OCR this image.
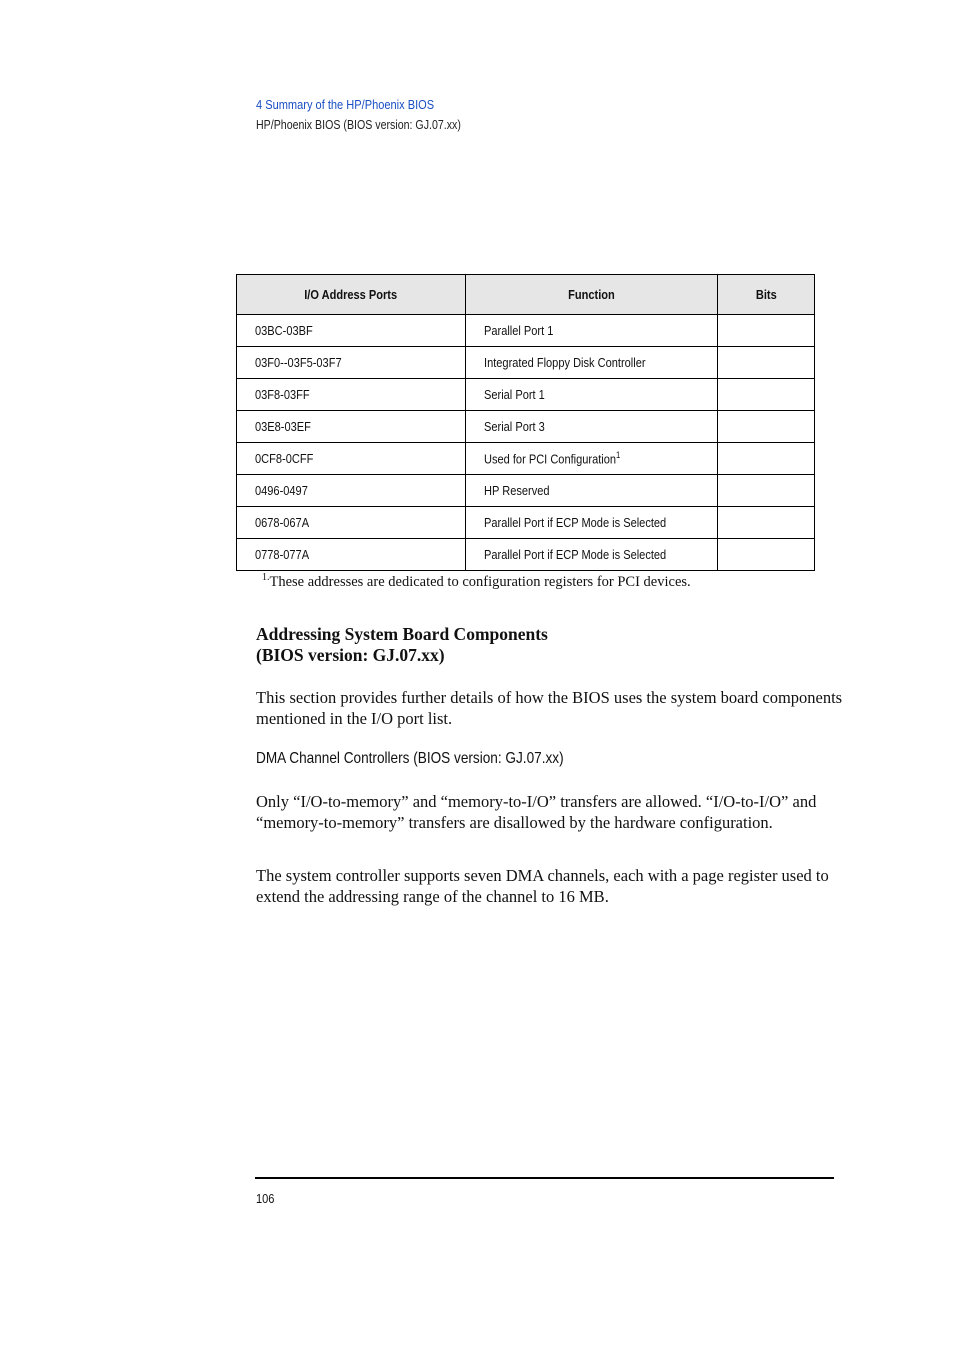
4 Summary of the HP/Phoenix BIOS
HP/Phoenix BIOS (BIOS version: GJ.07.xx)
I/O Address Ports	Function	Bits
03BC-03BF	Parallel Port 1	
03F0--03F5-03F7	Integrated Floppy Disk Controller	
03F8-03FF	Serial Port 1	
03E8-03EF	Serial Port 3	
0CF8-0CFF	Used for PCI Configuration$^1$	
0496-0497	HP Reserved	
0678-067A	Parallel Port if ECP Mode is Selected	
0778-077A	Parallel Port if ECP Mode is Selected	
$^{1.}$These addresses are dedicated to configuration registers for PCI devices.
Addressing System Board Components
(BIOS version: GJ.07.xx)

This section provides further details of how the BIOS uses the system board components mentioned in the I/O port list.

DMA Channel Controllers (BIOS version: GJ.07.xx)

Only “I/O-to-memory” and “memory-to-I/O” transfers are allowed. “I/O-to-I/O” and “memory-to-memory” transfers are disallowed by the hardware configuration.

The system controller supports seven DMA channels, each with a page register used to extend the addressing range of the channel to 16 MB.

106
